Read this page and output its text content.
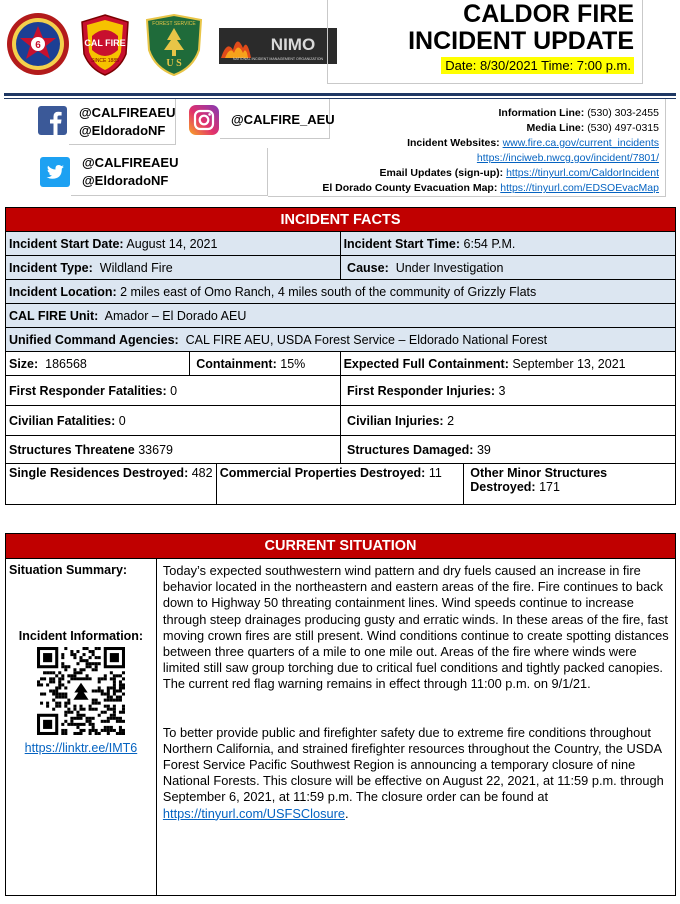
6	CAL FIRE
SINCE 1885	U S
FOREST SERVICE
NIMO
NATIONAL INCIDENT MANAGEMENT ORGANIZATION
CALDOR FIRE
INCIDENT UPDATE
Date: 8/30/2021 Time: 7:00 p.m.
@CALFIREAEU
@EldoradoNF
@CALFIRE_AEU
@CALFIREAEU
@EldoradoNF
Information Line: (530) 303-2455
Media Line: (530) 497-0315
Incident Websites: www.fire.ca.gov/current_incidents
https://inciweb.nwcg.gov/incident/7801/
Email Updates (sign-up): https://tinyurl.com/CaldorIncident
El Dorado County Evacuation Map: https://tinyurl.com/EDSOEvacMap
INCIDENT FACTS				
Incident Start Date: August 14, 2021			Incident Start Time: 6:54 P.M.	
Incident Type: Wildland Fire			Cause: Under Investigation	
Incident Location: 2 miles east of Omo Ranch, 4 miles south of the community of Grizzly Flats				
CAL FIRE Unit: Amador – El Dorado AEU				
Unified Command Agencies: CAL FIRE AEU, USDA Forest Service – Eldorado National Forest				
Size: 186568	Containment: 15%		Expected Full Containment: September 13, 2021	
First Responder Fatalities: 0			First Responder Injuries: 3	
Civilian Fatalities: 0			Civilian Injuries: 2	
Structures Threatene 33679			Structures Damaged: 39	
Single Residences Destroyed: 482		Commercial Properties Destroyed: 11		Other Minor Structures Destroyed: 171
CURRENT SITUATION

Situation Summary:
Incident Information:
https://linktr.ee/IMT6

Today’s expected southwestern wind pattern and dry fuels caused an increase in fire behavior located in the northeastern and eastern areas of the fire. Fire continues to back down to Highway 50 threating containment lines. Wind speeds continue to increase through steep drainages producing gusty and erratic winds. In these areas of the fire, fast moving crown fires are still present. Wind conditions continue to create spotting distances between three quarters of a mile to one mile out. Areas of the fire where winds were limited still saw group torching due to critical fuel conditions and tightly packed canopies. The current red flag warning remains in effect through 11:00 p.m. on 9/1/21.

To better provide public and firefighter safety due to extreme fire conditions throughout Northern California, and strained firefighter resources throughout the Country, the USDA Forest Service Pacific Southwest Region is announcing a temporary closure of nine National Forests. This closure will be effective on August 22, 2021, at 11:59 p.m. through September 6, 2021, at 11:59 p.m. The closure order can be found at https://tinyurl.com/USFSClosure.
